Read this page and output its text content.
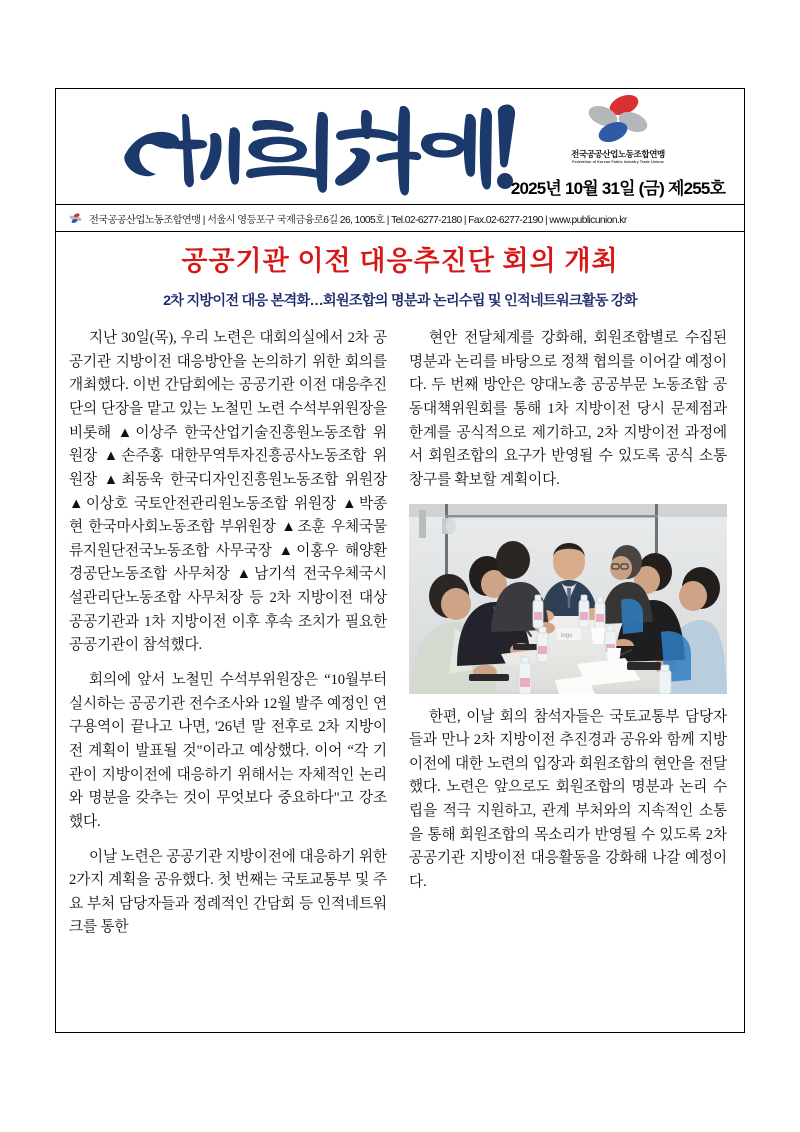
전국공공산업노동조합연맹
Federation of Korean Public Industry Trade Unions
2025년 10월 31일 (금) 제255호
전국공공산업노동조합연맹 | 서울시 영등포구 국제금융로6길 26, 1005호 | Tel.02-6277-2180 | Fax.02-6277-2190 | www.publicunion.kr
공공기관 이전 대응추진단 회의 개최
2차 지방이전 대응 본격화…회원조합의 명분과 논리수립 및 인적네트워크활동 강화

지난 30일(목), 우리 노련은 대회의실에서 2차 공공기관 지방이전 대응방안을 논의하기 위한 회의를 개최했다. 이번 간담회에는 공공기관 이전 대응추진단의 단장을 맡고 있는 노철민 노련 수석부위원장을 비롯해 ▲이상주 한국산업기술진흥원노동조합 위원장 ▲손주홍 대한무역투자진흥공사노동조합 위원장 ▲최동욱 한국디자인진흥원노동조합 위원장 ▲이상호 국토안전관리원노동조합 위원장 ▲박종현 한국마사회노동조합 부위원장 ▲조훈 우체국물류지원단전국노동조합 사무국장 ▲이홍우 해양환경공단노동조합 사무처장 ▲남기석 전국우체국시설관리단노동조합 사무처장 등 2차 지방이전 대상 공공기관과 1차 지방이전 이후 후속 조치가 필요한 공공기관이 참석했다.

회의에 앞서 노철민 수석부위원장은 “10월부터 실시하는 공공기관 전수조사와 12월 발주 예정인 연구용역이 끝나고 나면, '26년 말 전후로 2차 지방이전 계획이 발표될 것"이라고 예상했다. 이어 “각 기관이 지방이전에 대응하기 위해서는 자체적인 논리와 명분을 갖추는 것이 무엇보다 중요하다"고 강조했다.

이날 노련은 공공기관 지방이전에 대응하기 위한 2가지 계획을 공유했다. 첫 번째는 국토교통부 및 주요 부처 담당자들과 정례적인 간담회 등 인적네트워크를 통한

현안 전달체계를 강화해, 회원조합별로 수집된 명분과 논리를 바탕으로 정책 협의를 이어갈 예정이다. 두 번째 방안은 양대노총 공공부문 노동조합 공동대책위원회를 통해 1차 지방이전 당시 문제점과 한계를 공식적으로 제기하고, 2차 지방이전 과정에서 회원조합의 요구가 반영될 수 있도록 공식 소통창구를 확보할 계획이다.

logo

한편, 이날 회의 참석자들은 국토교통부 담당자들과 만나 2차 지방이전 추진경과 공유와 함께 지방이전에 대한 노련의 입장과 회원조합의 현안을 전달했다. 노련은 앞으로도 회원조합의 명분과 논리 수립을 적극 지원하고, 관계 부처와의 지속적인 소통을 통해 회원조합의 목소리가 반영될 수 있도록 2차 공공기관 지방이전 대응활동을 강화해 나갈 예정이다.
